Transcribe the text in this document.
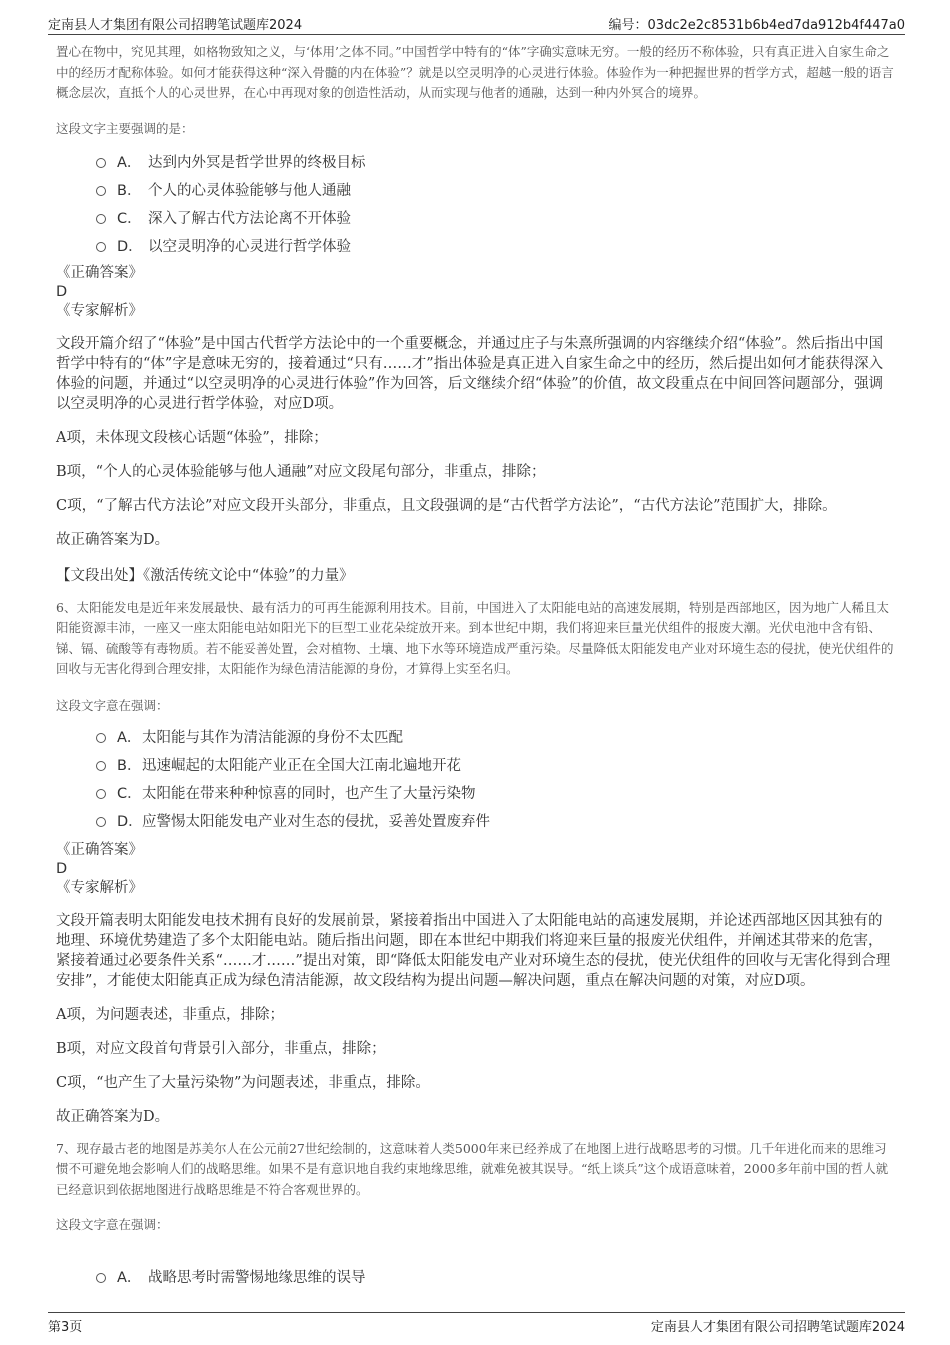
定南县人才集团有限公司招聘笔试题库2024	编号：03dc2e2c8531b6b4ed7da912b4f447a0

置心在物中，究见其理，如格物致知之义，与‘体用’之体不同。”中国哲学中特有的“体”字确实意味无穷。一般的经历不称体验，只有真正进入自家生命之中的经历才配称体验。如何才能获得这种“深入骨髓的内在体验”？就是以空灵明净的心灵进行体验。体验作为一种把握世界的哲学方式，超越一般的语言概念层次，直抵个人的心灵世界，在心中再现对象的创造性活动，从而实现与他者的通融，达到一种内外冥合的境界。

这段文字主要强调的是：

A． 达到内外冥是哲学世界的终极目标
B． 个人的心灵体验能够与他人通融
C． 深入了解古代方法论离不开体验
D． 以空灵明净的心灵进行哲学体验

《正确答案》

D

《专家解析》

文段开篇介绍了“体验”是中国古代哲学方法论中的一个重要概念，并通过庄子与朱熹所强调的内容继续介绍“体验”。然后指出中国哲学中特有的“体”字是意味无穷的，接着通过“只有……才”指出体验是真正进入自家生命之中的经历，然后提出如何才能获得深入体验的问题，并通过“以空灵明净的心灵进行体验”作为回答，后文继续介绍“体验”的价值，故文段重点在中间回答问题部分，强调以空灵明净的心灵进行哲学体验，对应D项。

A项，未体现文段核心话题“体验”，排除；

B项，“个人的心灵体验能够与他人通融”对应文段尾句部分，非重点，排除；

C项，“了解古代方法论”对应文段开头部分，非重点，且文段强调的是“古代哲学方法论”，“古代方法论”范围扩大，排除。

故正确答案为D。

【文段出处】《激活传统文论中“体验”的力量》

6、太阳能发电是近年来发展最快、最有活力的可再生能源利用技术。目前，中国进入了太阳能电站的高速发展期，特别是西部地区，因为地广人稀且太阳能资源丰沛，一座又一座太阳能电站如阳光下的巨型工业花朵绽放开来。到本世纪中期，我们将迎来巨量光伏组件的报废大潮。光伏电池中含有铅、锑、镉、硫酸等有毒物质。若不能妥善处置，会对植物、土壤、地下水等环境造成严重污染。尽量降低太阳能发电产业对环境生态的侵扰，使光伏组件的回收与无害化得到合理安排，太阳能作为绿色清洁能源的身份，才算得上实至名归。

这段文字意在强调：

A． 太阳能与其作为清洁能源的身份不太匹配
B． 迅速崛起的太阳能产业正在全国大江南北遍地开花
C． 太阳能在带来种种惊喜的同时，也产生了大量污染物
D． 应警惕太阳能发电产业对生态的侵扰，妥善处置废弃件

《正确答案》

D

《专家解析》

文段开篇表明太阳能发电技术拥有良好的发展前景，紧接着指出中国进入了太阳能电站的高速发展期，并论述西部地区因其独有的地理、环境优势建造了多个太阳能电站。随后指出问题，即在本世纪中期我们将迎来巨量的报废光伏组件，并阐述其带来的危害，紧接着通过必要条件关系“……才……”提出对策，即“降低太阳能发电产业对环境生态的侵扰，使光伏组件的回收与无害化得到合理安排”，才能使太阳能真正成为绿色清洁能源，故文段结构为提出问题—解决问题，重点在解决问题的对策，对应D项。

A项，为问题表述，非重点，排除；

B项，对应文段首句背景引入部分，非重点，排除；

C项，“也产生了大量污染物”为问题表述，非重点，排除。

故正确答案为D。

7、现存最古老的地图是苏美尔人在公元前27世纪绘制的，这意味着人类5000年来已经养成了在地图上进行战略思考的习惯。几千年进化而来的思维习惯不可避免地会影响人们的战略思维。如果不是有意识地自我约束地缘思维，就难免被其误导。“纸上谈兵”这个成语意味着，2000多年前中国的哲人就已经意识到依据地图进行战略思维是不符合客观世界的。

这段文字意在强调：

A． 战略思考时需警惕地缘思维的误导
第3页	定南县人才集团有限公司招聘笔试题库2024
